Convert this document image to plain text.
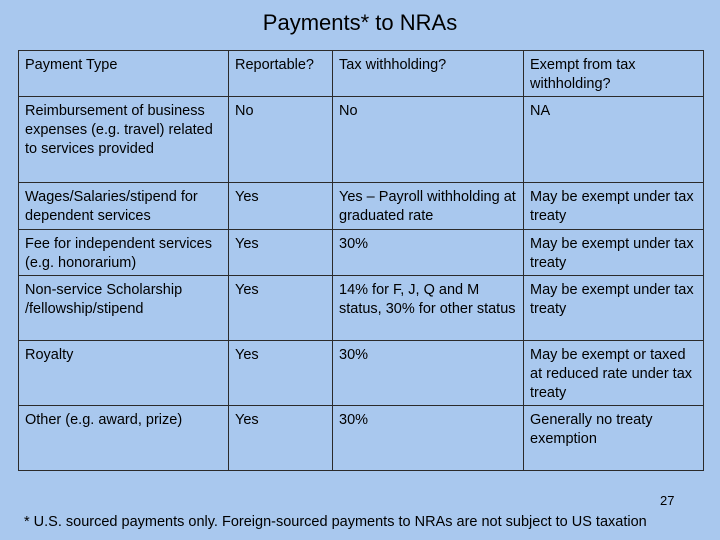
Payments* to NRAs
Payment Type	Reportable?	Tax withholding?	Exempt from tax withholding?
Reimbursement of business expenses (e.g. travel) related to services provided	No	No	NA
Wages/Salaries/stipend for dependent services	Yes	Yes – Payroll withholding at graduated rate	May be exempt under tax treaty
Fee for independent services (e.g. honorarium)	Yes	30%	May be exempt under tax treaty
Non-service Scholarship /fellowship/stipend	Yes	14% for F, J, Q and M status, 30% for other status	May be exempt under tax treaty
Royalty	Yes	30%	May be exempt or taxed at reduced rate under tax treaty
Other (e.g. award, prize)	Yes	30%	Generally no treaty exemption
27
* U.S. sourced payments only. Foreign-sourced payments to NRAs are not subject to US taxation
